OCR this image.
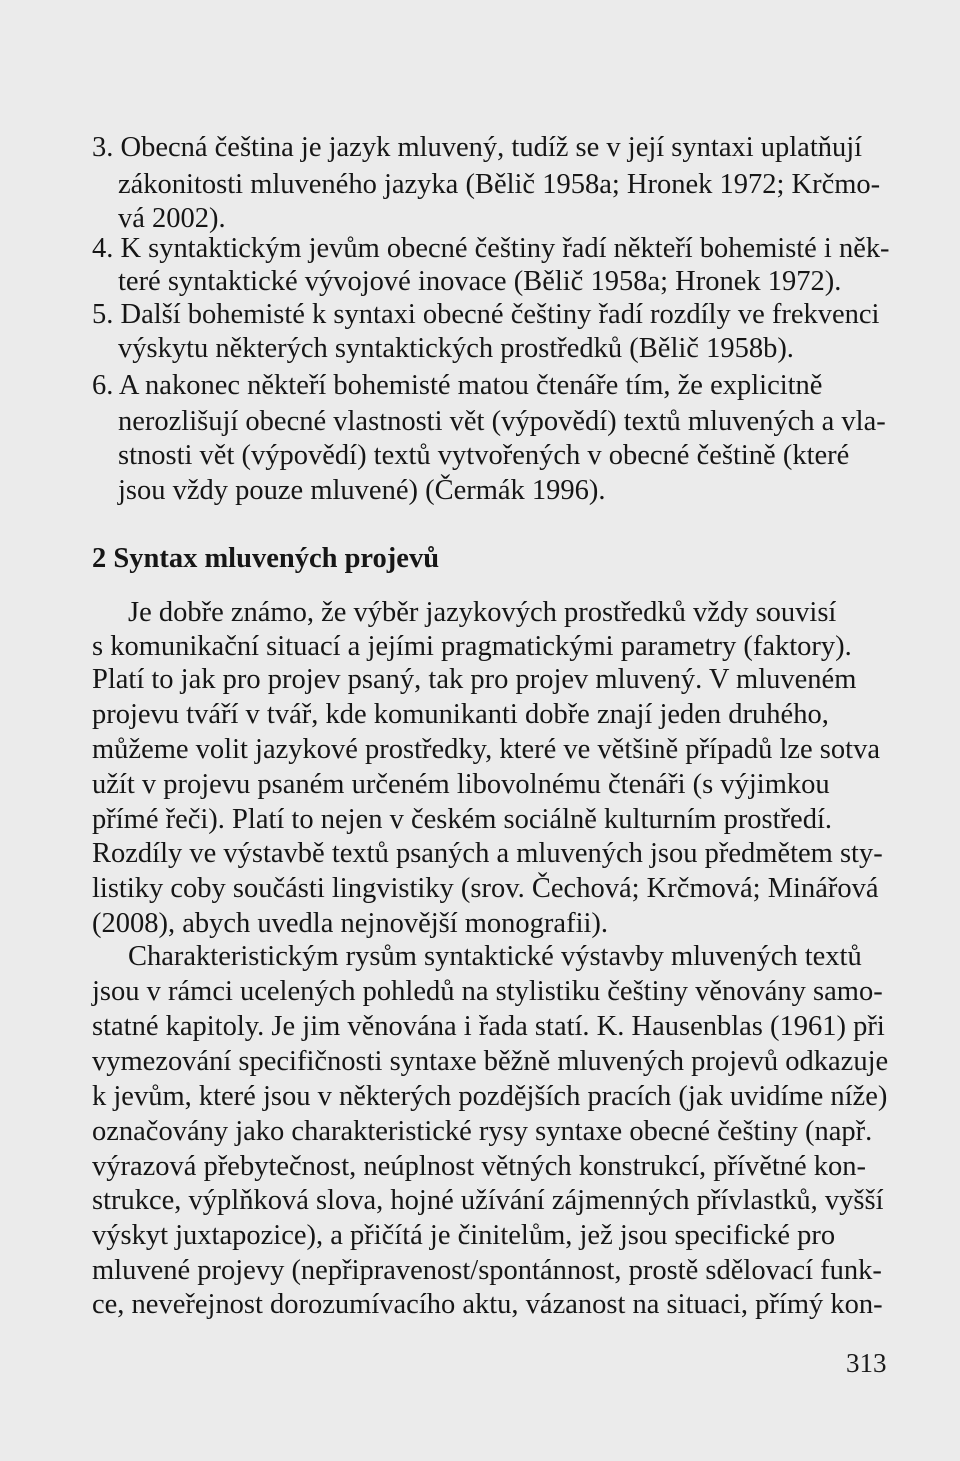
3. Obecná čeština je jazyk mluvený, tudíž se v její syntaxi uplatňují
zákonitosti mluveného jazyka (Bělič 1958a; Hronek 1972; Krčmo-
vá 2002).
4. K syntaktickým jevům obecné češtiny řadí někteří bohemisté i něk-
teré syntaktické vývojové inovace (Bělič 1958a; Hronek 1972).
5. Další bohemisté k syntaxi obecné češtiny řadí rozdíly ve frekvenci
výskytu některých syntaktických prostředků (Bělič 1958b).
6. A nakonec někteří bohemisté matou čtenáře tím, že explicitně
nerozlišují obecné vlastnosti vět (výpovědí) textů mluvených a vla-
stnosti vět (výpovědí) textů vytvořených v obecné češtině (které
jsou vždy pouze mluvené) (Čermák 1996).
2 Syntax mluvených projevů
Je dobře známo, že výběr jazykových prostředků vždy souvisí
s komunikační situací a jejími pragmatickými parametry (faktory).
Platí to jak pro projev psaný, tak pro projev mluvený. V mluveném
projevu tváří v tvář, kde komunikanti dobře znají jeden druhého,
můžeme volit jazykové prostředky, které ve většině případů lze sotva
užít v projevu psaném určeném libovolnému čtenáři (s výjimkou
přímé řeči). Platí to nejen v českém sociálně kulturním prostředí.
Rozdíly ve výstavbě textů psaných a mluvených jsou předmětem sty-
listiky coby součásti lingvistiky (srov. Čechová; Krčmová; Minářová
(2008), abych uvedla nejnovější monografii).
Charakteristickým rysům syntaktické výstavby mluvených textů
jsou v rámci ucelených pohledů na stylistiku češtiny věnovány samo-
statné kapitoly. Je jim věnována i řada statí. K. Hausenblas (1961) při
vymezování specifičnosti syntaxe běžně mluvených projevů odkazuje
k jevům, které jsou v některých pozdějších pracích (jak uvidíme níže)
označovány jako charakteristické rysy syntaxe obecné češtiny (např.
výrazová přebytečnost, neúplnost větných konstrukcí, přívětné kon-
strukce, výplňková slova, hojné užívání zájmenných přívlastků, vyšší
výskyt juxtapozice), a přičítá je činitelům, jež jsou specifické pro
mluvené projevy (nepřipravenost/spontánnost, prostě sdělovací funk-
ce, neveřejnost dorozumívacího aktu, vázanost na situaci, přímý kon-
313
